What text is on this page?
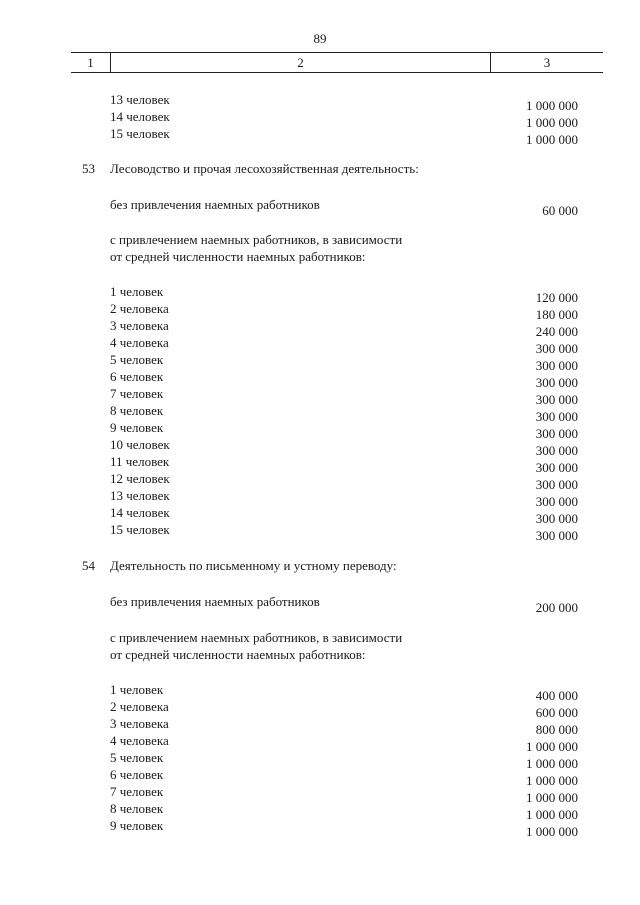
89
1	2	3
13 человек	1 000 000
14 человек	1 000 000
15 человек	1 000 000
53 Лесоводство и прочая лесохозяйственная деятельность:
без привлечения наемных работников	60 000
с привлечением наемных работников, в зависимости
от средней численности наемных работников:
1 человек	120 000
2 человека	180 000
3 человека	240 000
4 человека	300 000
5 человек	300 000
6 человек	300 000
7 человек	300 000
8 человек	300 000
9 человек	300 000
10 человек	300 000
11 человек	300 000
12 человек	300 000
13 человек	300 000
14 человек	300 000
15 человек	300 000
54 Деятельность по письменному и устному переводу:
без привлечения наемных работников	200 000
с привлечением наемных работников, в зависимости
от средней численности наемных работников:
1 человек	400 000
2 человека	600 000
3 человека	800 000
4 человека	1 000 000
5 человек	1 000 000
6 человек	1 000 000
7 человек	1 000 000
8 человек	1 000 000
9 человек	1 000 000
